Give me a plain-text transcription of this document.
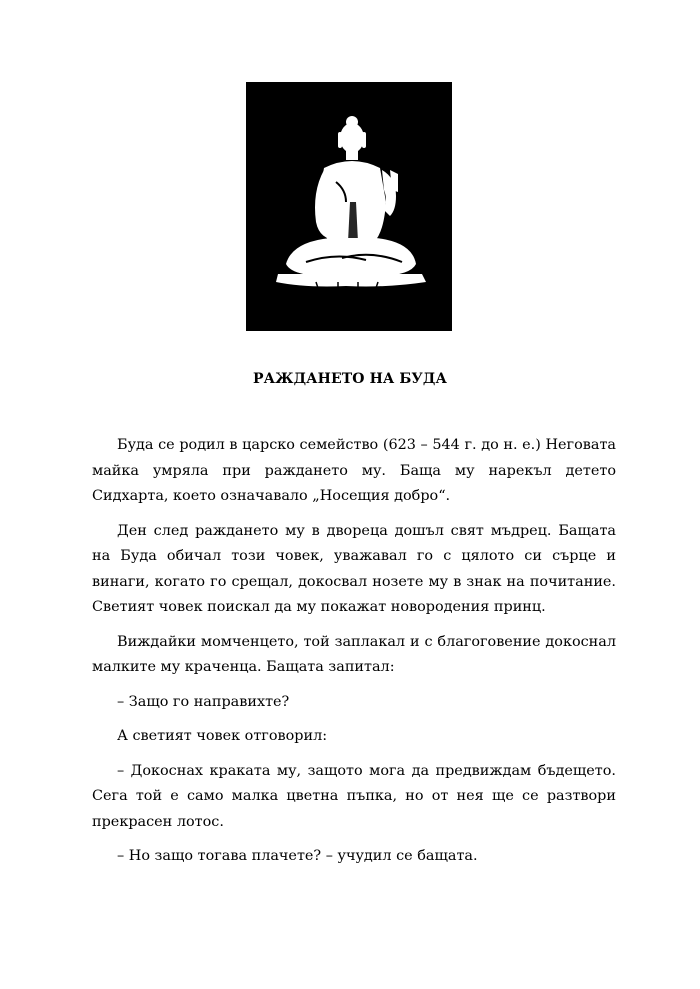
РАЖДАНЕТО НА БУДА

Буда се родил в царско семейство (623 – 544 г. до н. е.) Неговата майка умряла при раждането му. Баща му нарекъл детето Сидхарта, което означавало „Носещия добро“.

Ден след раждането му в двореца дошъл свят мъдрец. Бащата на Буда обичал този човек, уважавал го с цялото си сърце и винаги, когато го срещал, докосвал нозете му в знак на почитание. Светият човек поискал да му покажат новородения принц.

Виждайки момченцето, той заплакал и с благоговение докоснал малките му краченца. Бащата запитал:

– Защо го направихте?

А светият човек отговорил:

– Докоснах краката му, защото мога да предвиждам бъдещето. Сега той е само малка цветна пъпка, но от нея ще се разтвори прекрасен лотос.

– Но защо тогава плачете? – учудил се бащата.
